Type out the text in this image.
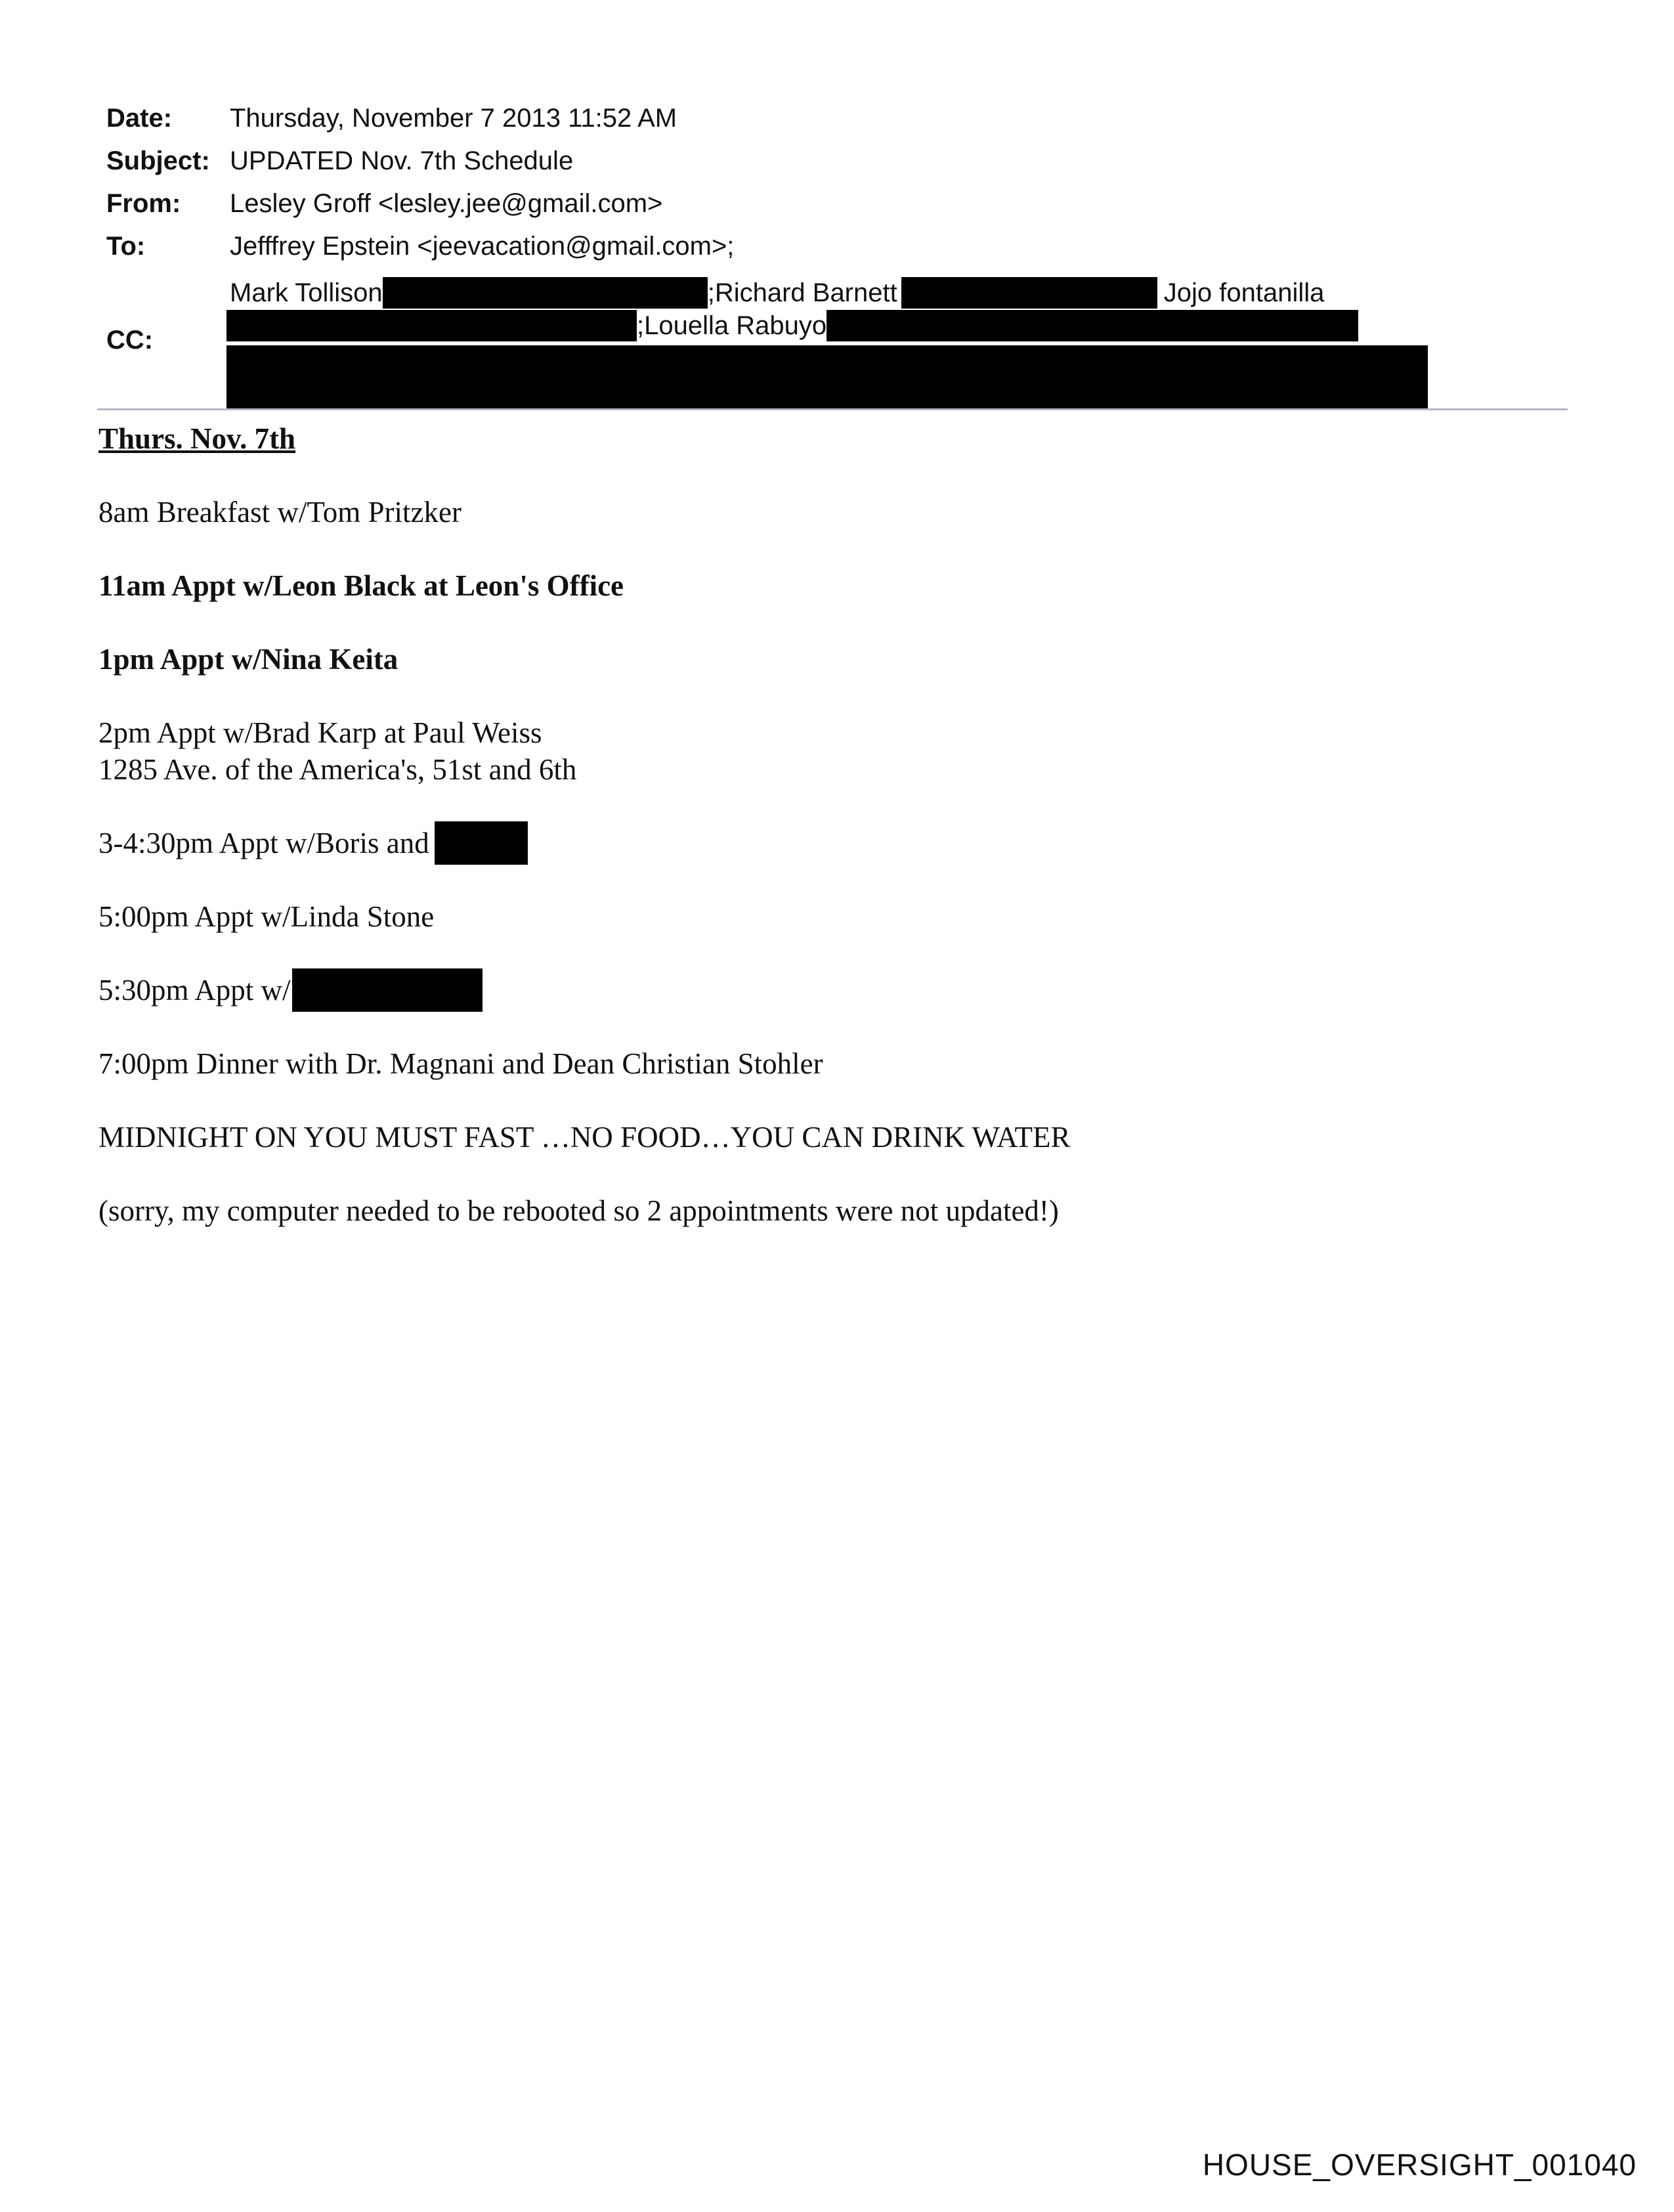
Date: Thursday, November 7 2013 11:52 AM
Subject: UPDATED Nov. 7th Schedule
From: Lesley Groff <lesley.jee@gmail.com>
To:	Jefffrey Epstein <jeevacation@gmail.com>;
CC:
Mark Tollison	; Richard Barnett	Jojo fontanilla
; Louella Rabuyo
Thurs. Nov. 7th
8am Breakfast w/Tom Pritzker
11am Appt w/Leon Black at Leon's Office
1pm Appt w/Nina Keita
2pm Appt w/Brad Karp at Paul Weiss
1285 Ave. of the America's, 51st and 6th
3-4:30pm Appt w/Boris and
5:00pm Appt w/Linda Stone
5:30pm Appt w/
7:00pm Dinner with Dr. Magnani and Dean Christian Stohler
MIDNIGHT ON YOU MUST FAST …NO FOOD…YOU CAN DRINK WATER
(sorry, my computer needed to be rebooted so 2 appointments were not updated!)
HOUSE_OVERSIGHT_001040
